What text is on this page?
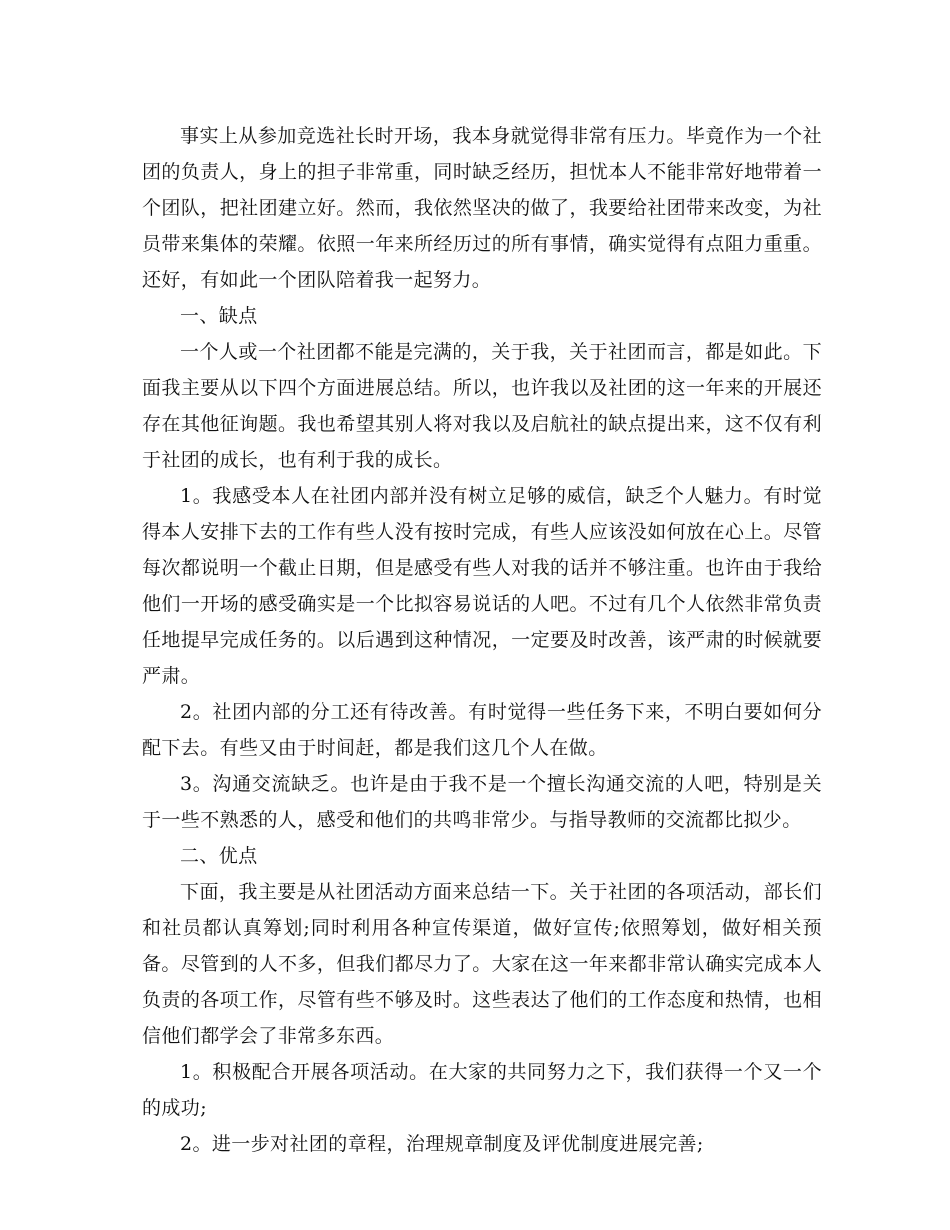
事实上从参加竞选社长时开场，我本身就觉得非常有压力。毕竟作为一个社团的负责人，身上的担子非常重，同时缺乏经历，担忧本人不能非常好地带着一个团队，把社团建立好。然而，我依然坚决的做了，我要给社团带来改变，为社员带来集体的荣耀。依照一年来所经历过的所有事情，确实觉得有点阻力重重。还好，有如此一个团队陪着我一起努力。

一、缺点

一个人或一个社团都不能是完满的，关于我，关于社团而言，都是如此。下面我主要从以下四个方面进展总结。所以，也许我以及社团的这一年来的开展还存在其他征询题。我也希望其别人将对我以及启航社的缺点提出来，这不仅有利于社团的成长，也有利于我的成长。

1。我感受本人在社团内部并没有树立足够的威信，缺乏个人魅力。有时觉得本人安排下去的工作有些人没有按时完成，有些人应该没如何放在心上。尽管每次都说明一个截止日期，但是感受有些人对我的话并不够注重。也许由于我给他们一开场的感受确实是一个比拟容易说话的人吧。不过有几个人依然非常负责任地提早完成任务的。以后遇到这种情况，一定要及时改善，该严肃的时候就要严肃。

2。社团内部的分工还有待改善。有时觉得一些任务下来，不明白要如何分配下去。有些又由于时间赶，都是我们这几个人在做。

3。沟通交流缺乏。也许是由于我不是一个擅长沟通交流的人吧，特别是关于一些不熟悉的人，感受和他们的共鸣非常少。与指导教师的交流都比拟少。

二、优点

下面，我主要是从社团活动方面来总结一下。关于社团的各项活动，部长们和社员都认真筹划;同时利用各种宣传渠道，做好宣传;依照筹划，做好相关预备。尽管到的人不多，但我们都尽力了。大家在这一年来都非常认确实完成本人负责的各项工作，尽管有些不够及时。这些表达了他们的工作态度和热情，也相信他们都学会了非常多东西。

1。积极配合开展各项活动。在大家的共同努力之下，我们获得一个又一个的成功;

2。进一步对社团的章程，治理规章制度及评优制度进展完善;
